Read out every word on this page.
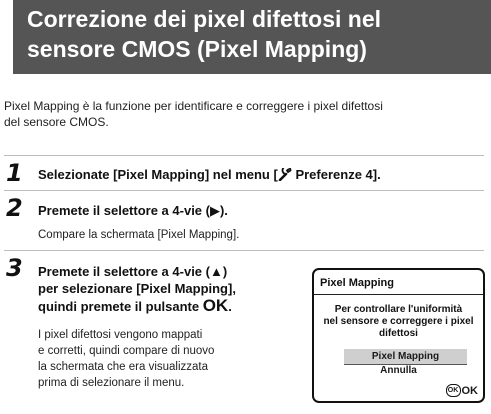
Correzione dei pixel difettosi nel
sensore CMOS (Pixel Mapping)
Pixel Mapping è la funzione per identificare e correggere i pixel difettosi
del sensore CMOS.
1 Selezionate [Pixel Mapping] nel menu [ Preferenze 4].
2 Premete il selettore a 4-vie (▶).
Compare la schermata [Pixel Mapping].
3 Premete il selettore a 4-vie (▲)
per selezionare [Pixel Mapping],
quindi premete il pulsante OK.
I pixel difettosi vengono mappati
e corretti, quindi compare di nuovo
la schermata che era visualizzata
prima di selezionare il menu.
Pixel Mapping
Per controllare l'uniformità
nel sensore e correggere i pixel
difettosi
Pixel Mapping
Annulla
OK OK
